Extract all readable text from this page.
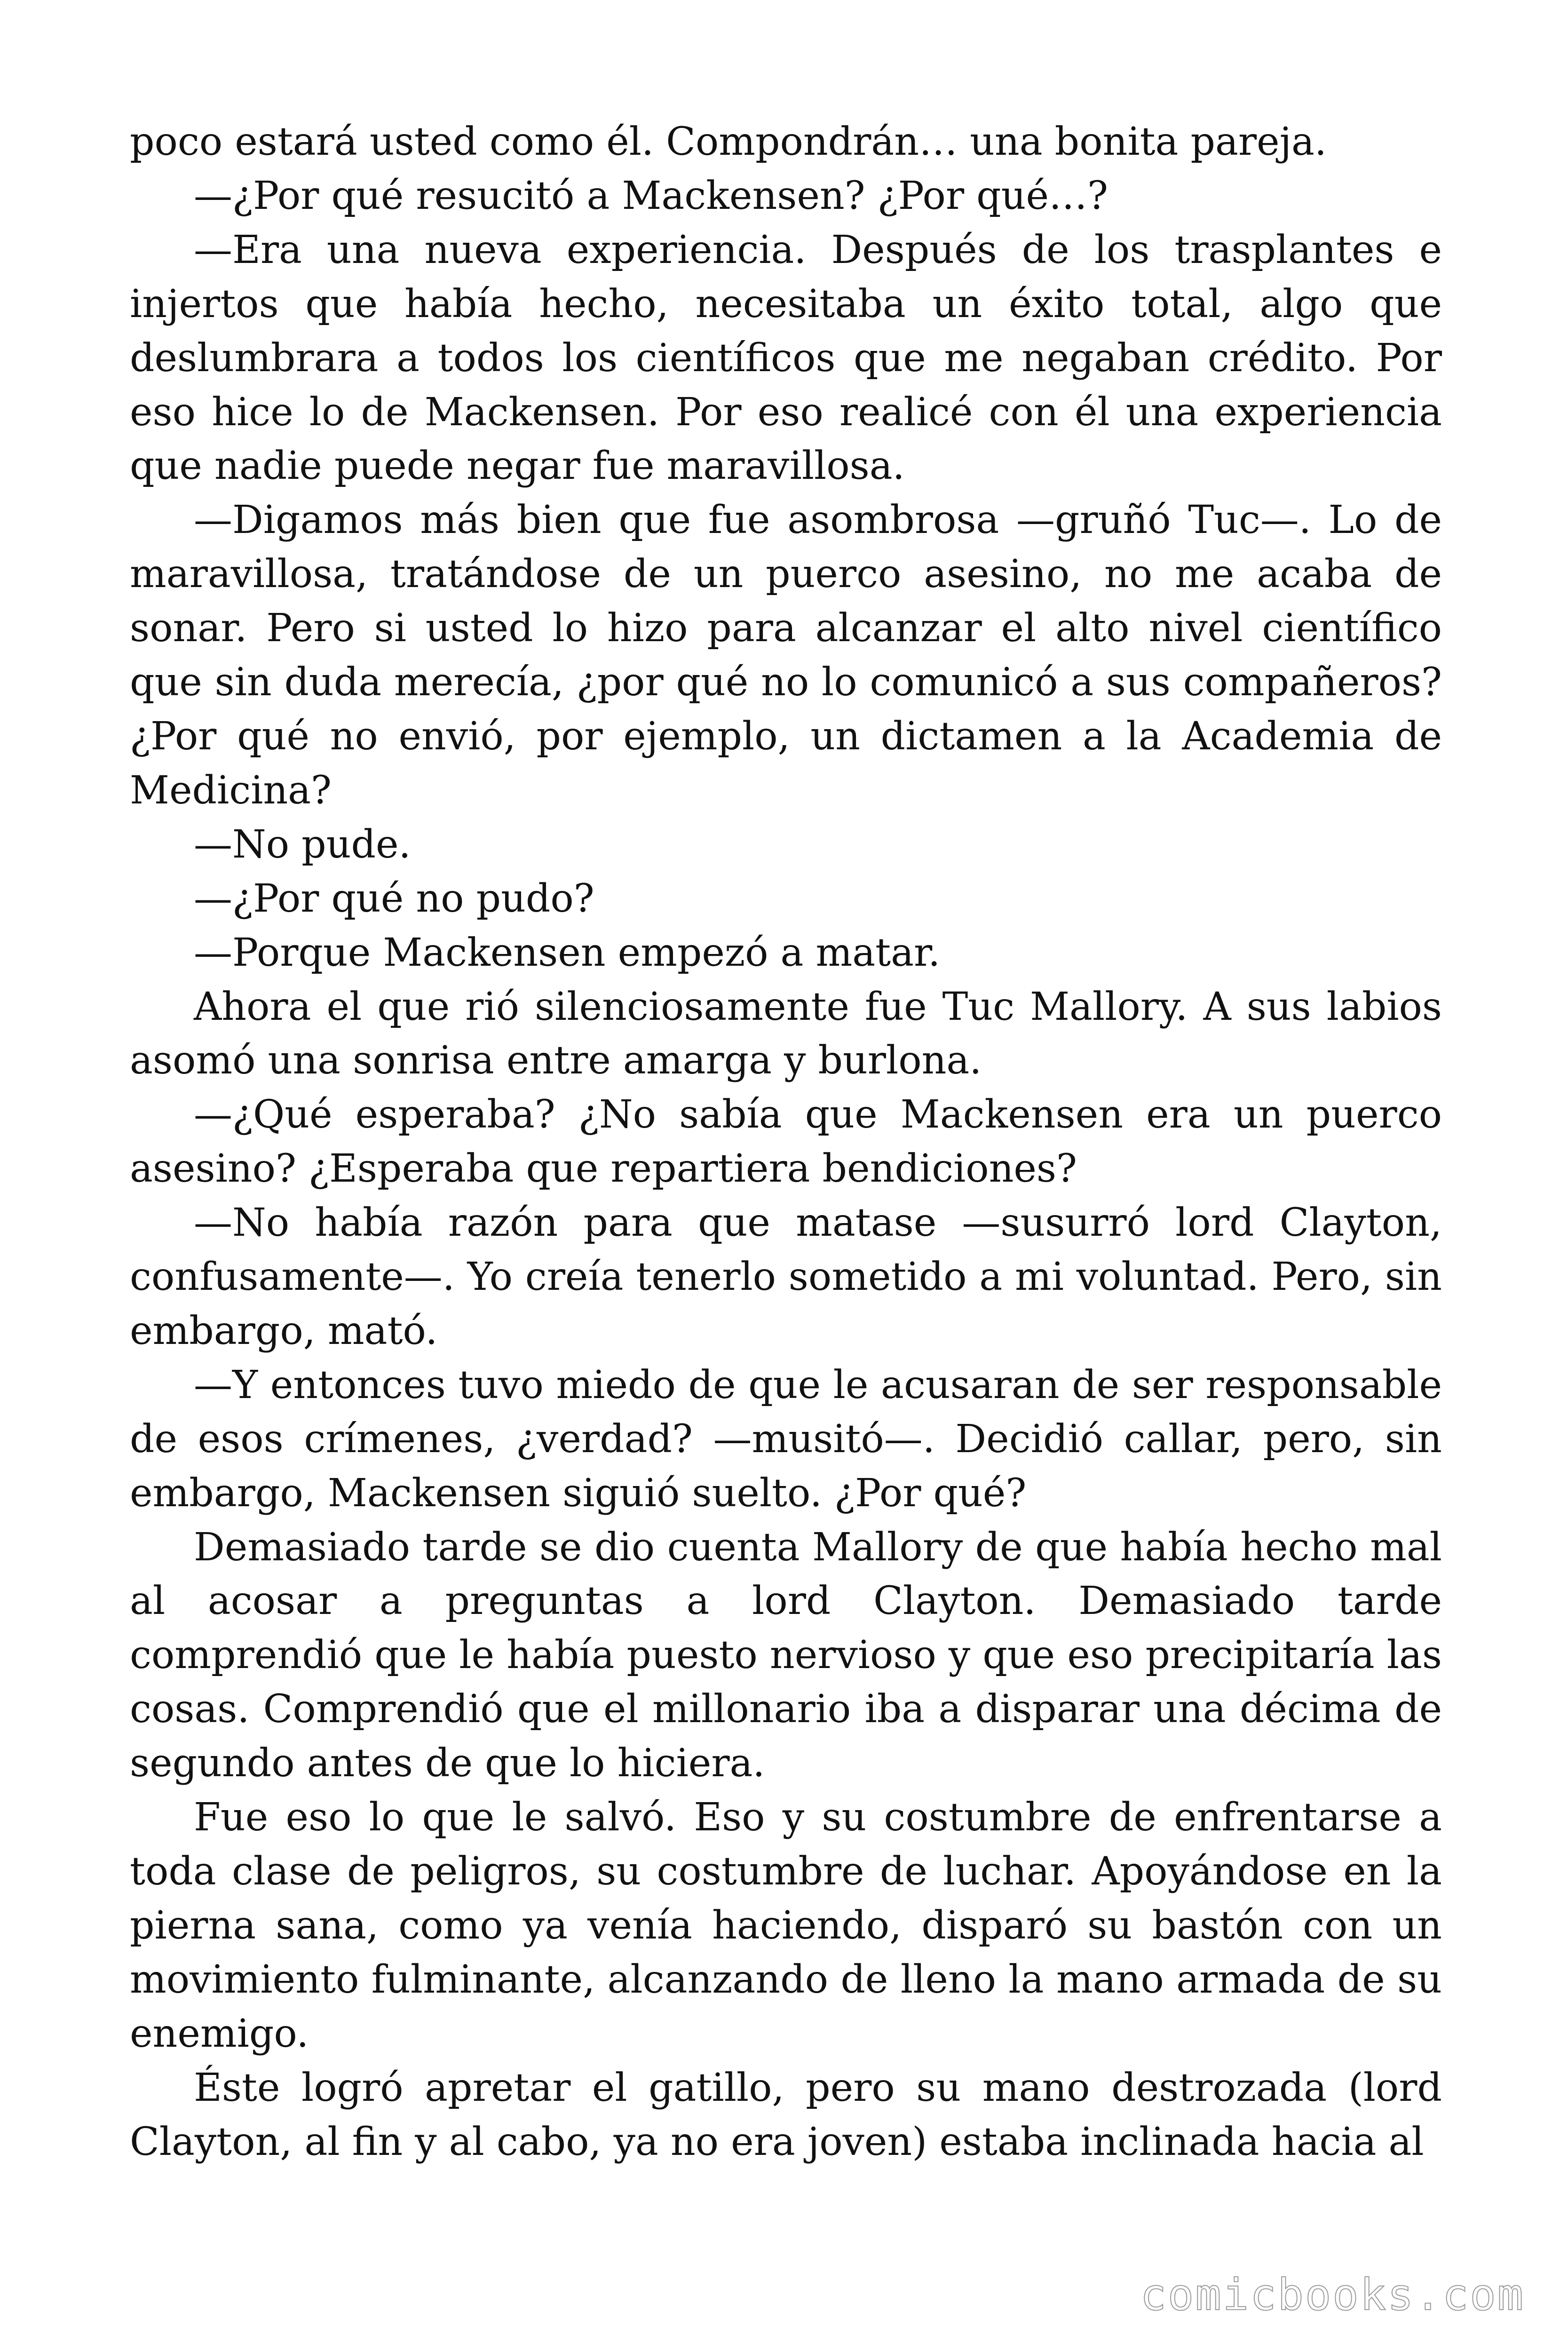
poco estará usted como él. Compondrán… una bonita pareja.

—¿Por qué resucitó a Mackensen? ¿Por qué…?

—Era una nueva experiencia. Después de los trasplantes e injertos que había hecho, necesitaba un éxito total, algo que deslumbrara a todos los científicos que me negaban crédito. Por eso hice lo de Mackensen. Por eso realicé con él una experiencia que nadie puede negar fue maravillosa.

—Digamos más bien que fue asombrosa —gruñó Tuc—. Lo de maravillosa, tratándose de un puerco asesino, no me acaba de sonar. Pero si usted lo hizo para alcanzar el alto nivel científico que sin duda merecía, ¿por qué no lo comunicó a sus compañeros? ¿Por qué no envió, por ejemplo, un dictamen a la Academia de Medicina?

—No pude.

—¿Por qué no pudo?

—Porque Mackensen empezó a matar.

Ahora el que rió silenciosamente fue Tuc Mallory. A sus labios asomó una sonrisa entre amarga y burlona.

—¿Qué esperaba? ¿No sabía que Mackensen era un puerco asesino? ¿Esperaba que repartiera bendiciones?

—No había razón para que matase —susurró lord Clayton, confusamente—. Yo creía tenerlo sometido a mi voluntad. Pero, sin embargo, mató.

—Y entonces tuvo miedo de que le acusaran de ser responsable de esos crímenes, ¿verdad? —musitó—. Decidió callar, pero, sin embargo, Mackensen siguió suelto. ¿Por qué?

Demasiado tarde se dio cuenta Mallory de que había hecho mal al acosar a preguntas a lord Clayton. Demasiado tarde comprendió que le había puesto nervioso y que eso precipitaría las cosas. Comprendió que el millonario iba a disparar una décima de segundo antes de que lo hiciera.

Fue eso lo que le salvó. Eso y su costumbre de enfrentarse a toda clase de peligros, su costumbre de luchar. Apoyándose en la pierna sana, como ya venía haciendo, disparó su bastón con un movimiento fulminante, alcanzando de lleno la mano armada de su enemigo.

Éste logró apretar el gatillo, pero su mano destrozada (lord Clayton, al fin y al cabo, ya no era joven) estaba inclinada hacia al

comicbooks.com
